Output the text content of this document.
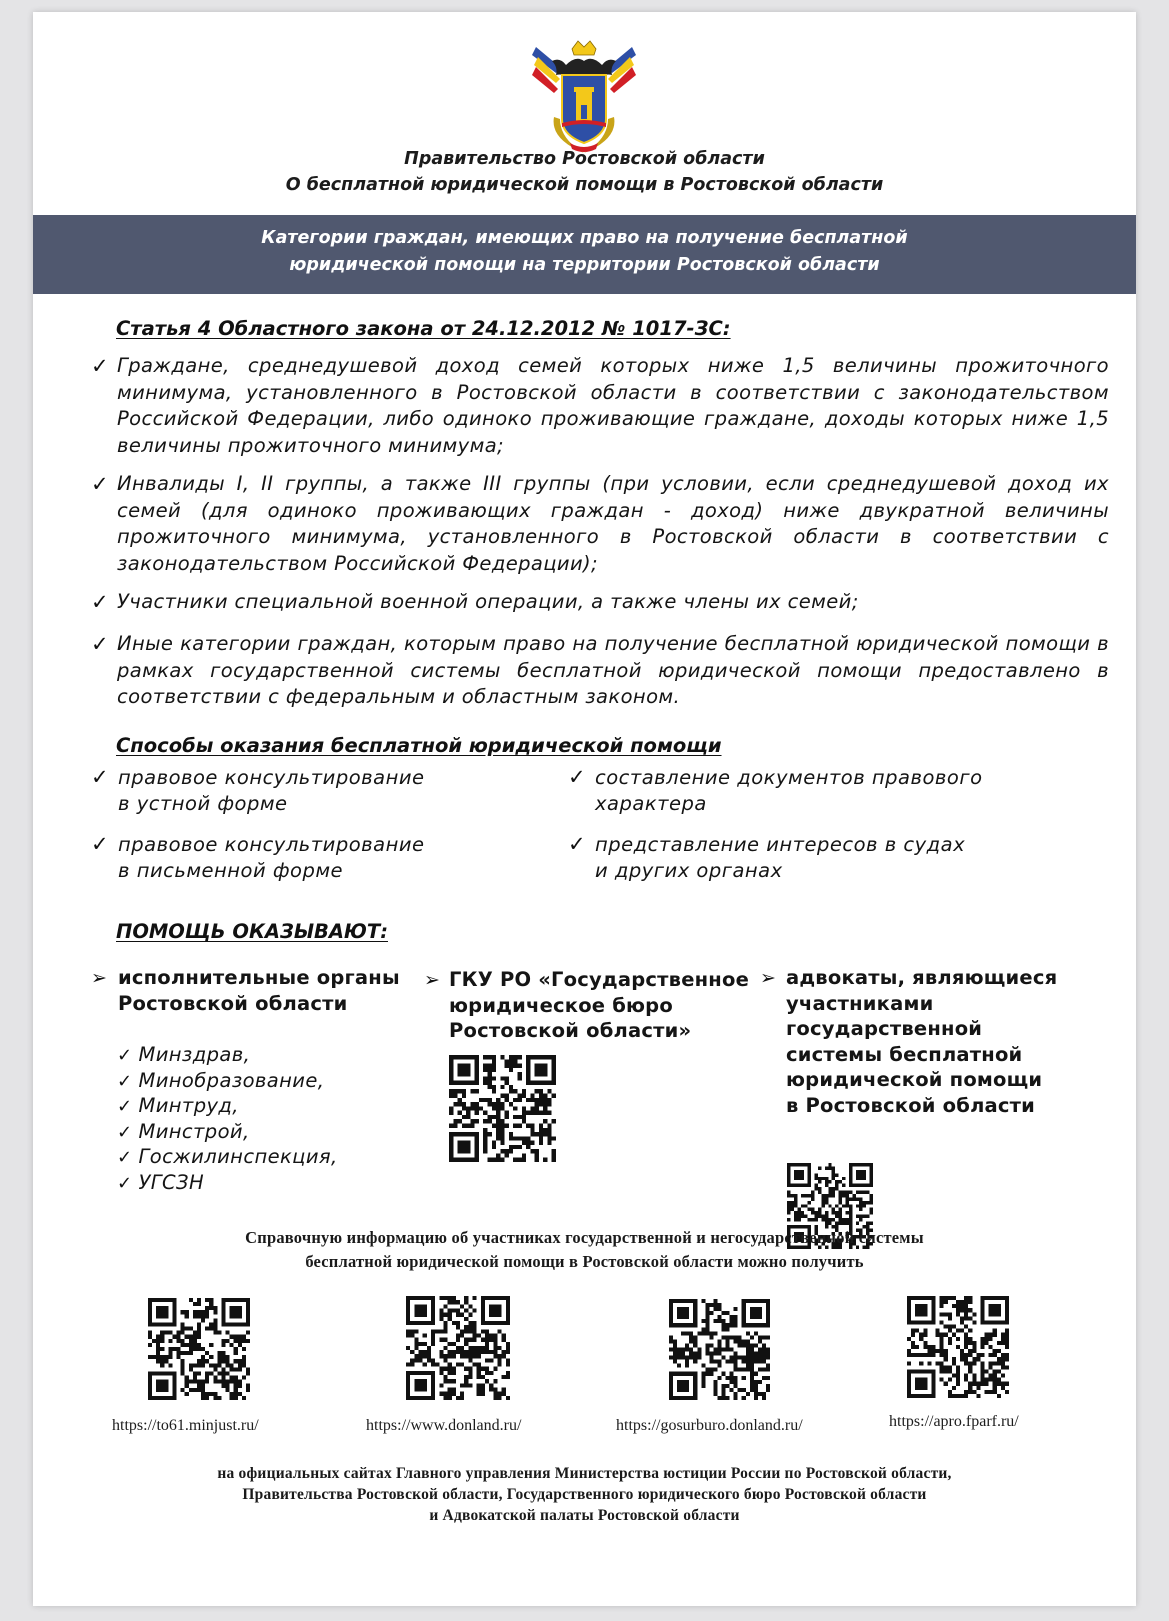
Правительство Ростовской области
О бесплатной юридической помощи в Ростовской области
Категории граждан, имеющих право на получение бесплатной
юридической помощи на территории Ростовской области
Статья 4 Областного закона от 24.12.2012 № 1017-ЗС:
✓ Граждане, среднедушевой доход семей которых ниже 1,5 величины прожиточного минимума, установленного в Ростовской области в соответствии с законодательством Российской Федерации, либо одиноко проживающие граждане, доходы которых ниже 1,5 величины прожиточного минимума;
✓ Инвалиды I, II группы, а также III группы (при условии, если среднедушевой доход их семей (для одиноко проживающих граждан - доход) ниже двукратной величины прожиточного минимума, установленного в Ростовской области в соответствии с законодательством Российской Федерации);
✓ Участники специальной военной операции, а также члены их семей;
✓ Иные категории граждан, которым право на получение бесплатной юридической помощи в рамках государственной системы бесплатной юридической помощи предоставлено в соответствии с федеральным и областным законом.
Способы оказания бесплатной юридической помощи
✓ правовое консультирование
в устной форме
✓ составление документов правового
характера
✓ правовое консультирование
в письменной форме
✓ представление интересов в судах
и других органах
ПОМОЩЬ ОКАЗЫВАЮТ:
➢ исполнительные органы
Ростовской области
✓ Минздрав,
✓ Минобразование,
✓ Минтруд,
✓ Минстрой,
✓ Госжилинспекция,
✓ УГСЗН
➢ ГКУ РО «Государственное
юридическое бюро
Ростовской области»
➢ адвокаты, являющиеся
участниками
государственной
системы бесплатной
юридической помощи
в Ростовской области
Справочную информацию об участниках государственной и негосударственной системы
бесплатной юридической помощи в Ростовской области можно получить
https://to61.minjust.ru/	https://www.donland.ru/	https://gosurburo.donland.ru/	https://apro.fparf.ru/
на официальных сайтах Главного управления Министерства юстиции России по Ростовской области,
Правительства Ростовской области, Государственного юридического бюро Ростовской области
и Адвокатской палаты Ростовской области
